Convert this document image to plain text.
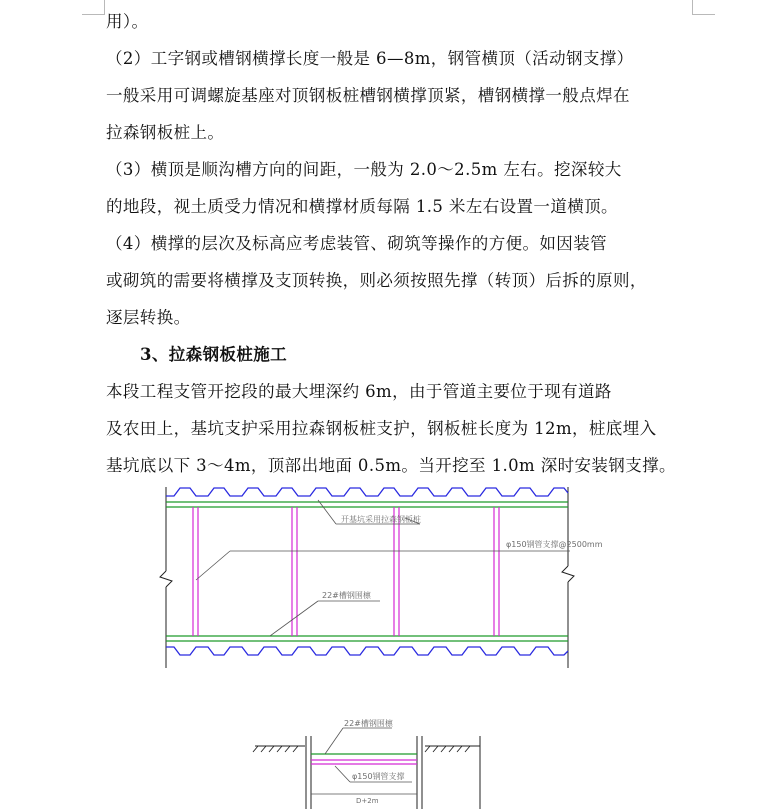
用）。
（2）工字钢或槽钢横撑长度一般是 6—8m，钢管横顶（活动钢支撑）
一般采用可调螺旋基座对顶钢板桩槽钢横撑顶紧，槽钢横撑一般点焊在
拉森钢板桩上。
（3）横顶是顺沟槽方向的间距，一般为 2.0～2.5m 左右。挖深较大
的地段，视土质受力情况和横撑材质每隔 1.5 米左右设置一道横顶。
（4）横撑的层次及标高应考虑装管、砌筑等操作的方便。如因装管
或砌筑的需要将横撑及支顶转换，则必须按照先撑（转顶）后拆的原则，
逐层转换。
3、拉森钢板桩施工
本段工程支管开挖段的最大埋深约 6m，由于管道主要位于现有道路
及农田上，基坑支护采用拉森钢板桩支护，钢板桩长度为 12m，桩底埋入
基坑底以下 3～4m，顶部出地面 0.5m。当开挖至 1.0m 深时安装钢支撑。
开基坑采用拉森钢板桩
φ150钢管支撑@2500mm
22#槽钢围檩
22#槽钢围檩
φ150钢管支撑
D+2m
